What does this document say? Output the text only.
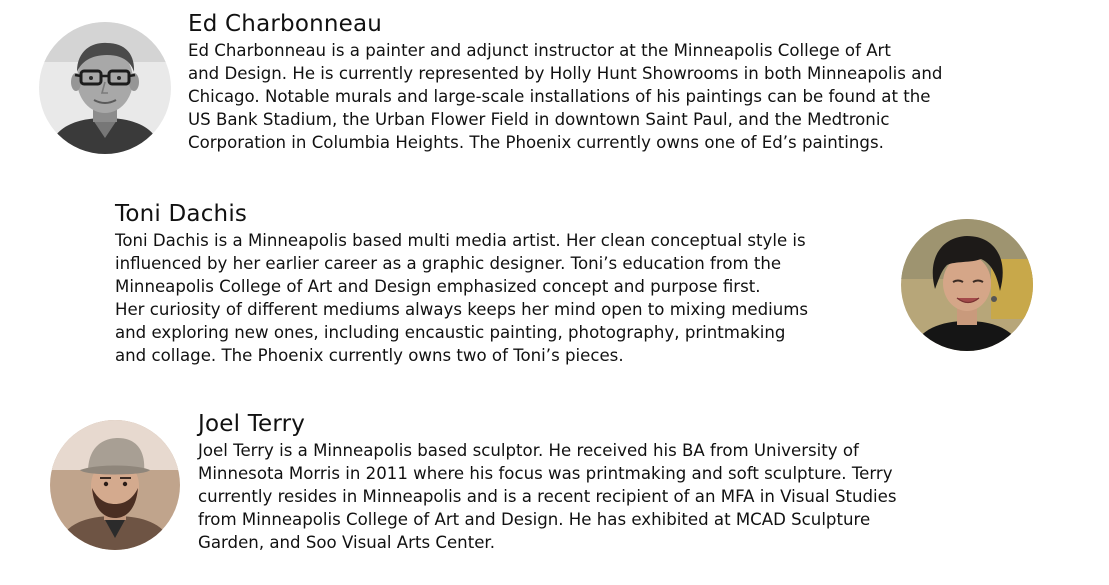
Ed Charbonneau
Ed Charbonneau is a painter and adjunct instructor at the Minneapolis College of Art
and Design. He is currently represented by Holly Hunt Showrooms in both Minneapolis and
Chicago. Notable murals and large-scale installations of his paintings can be found at the
US Bank Stadium, the Urban Flower Field in downtown Saint Paul, and the Medtronic
Corporation in Columbia Heights. The Phoenix currently owns one of Ed’s paintings.
Toni Dachis
Toni Dachis is a Minneapolis based multi media artist. Her clean conceptual style is
influenced by her earlier career as a graphic designer. Toni’s education from the
Minneapolis College of Art and Design emphasized concept and purpose first.
Her curiosity of different mediums always keeps her mind open to mixing mediums
and exploring new ones, including encaustic painting, photography, printmaking
and collage. The Phoenix currently owns two of Toni’s pieces.
Joel Terry
Joel Terry is a Minneapolis based sculptor. He received his BA from University of
Minnesota Morris in 2011 where his focus was printmaking and soft sculpture. Terry
currently resides in Minneapolis and is a recent recipient of an MFA in Visual Studies
from Minneapolis College of Art and Design. He has exhibited at MCAD Sculpture
Garden, and Soo Visual Arts Center.
